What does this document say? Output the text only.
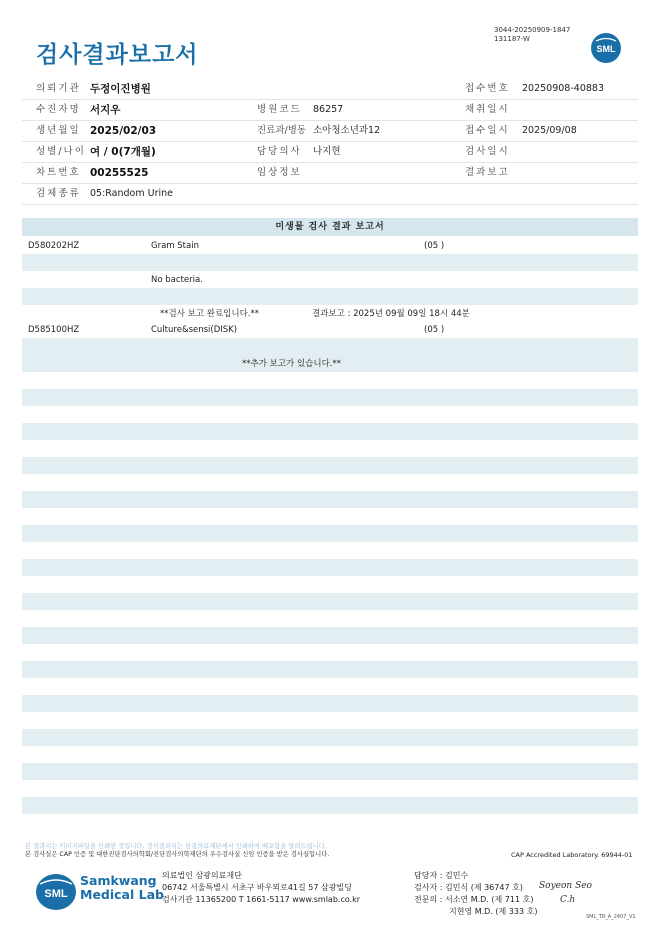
검사결과보고서
3044-20250909-1847
131187-W
SML
의뢰기관 두정이진병원	접수번호 20250908-40883
수진자명 서지우	병원코드 86257	채취일시
생년월일 2025/02/03	진료과/병동 소아청소년과12	접수일시 2025/09/08
성별/나이 여 / 0(7개월)	담당의사 나지현	검사일시
차트번호 00255525	임상정보	결과보고
검체종류 05:Random Urine
미생물 검사 결과 보고서
D580202HZ	Gram Stain	(05 )
No bacteria.
**검사 보고 완료입니다.**	결과보고 : 2025년 09월 09일 18시 44분
D585100HZ	Culture&sensi(DISK)	(05 )
**추가 보고가 있습니다.**
본 결과지는 이미지파일을 인쇄한 것입니다. 정식결과지는 삼광의료재단에서 인쇄하여 배포함을 알려드립니다.
본 검사실은 CAP 인증 및 대한진단검사의학회/진단검사의학재단의 우수검사실 신임 인증을 받은 검사실입니다.	CAP Accredited Laboratory. 69944-01
SML
Samkwang
Medical Lab
의료법인 삼광의료재단
06742 서울특별시 서초구 바우뫼로41길 57 삼광빌딩
검사기관 11365200 T 1661-5117 www.smlab.co.kr
담당자 : 김민수
검사자 : 김민식 (제 36747 호)
전문의 : 서소연 M.D. (제 711 호)
지현영 M.D. (제 333 호)
Soyeon Seo
C.h
SML_TR_A_2407_V1
